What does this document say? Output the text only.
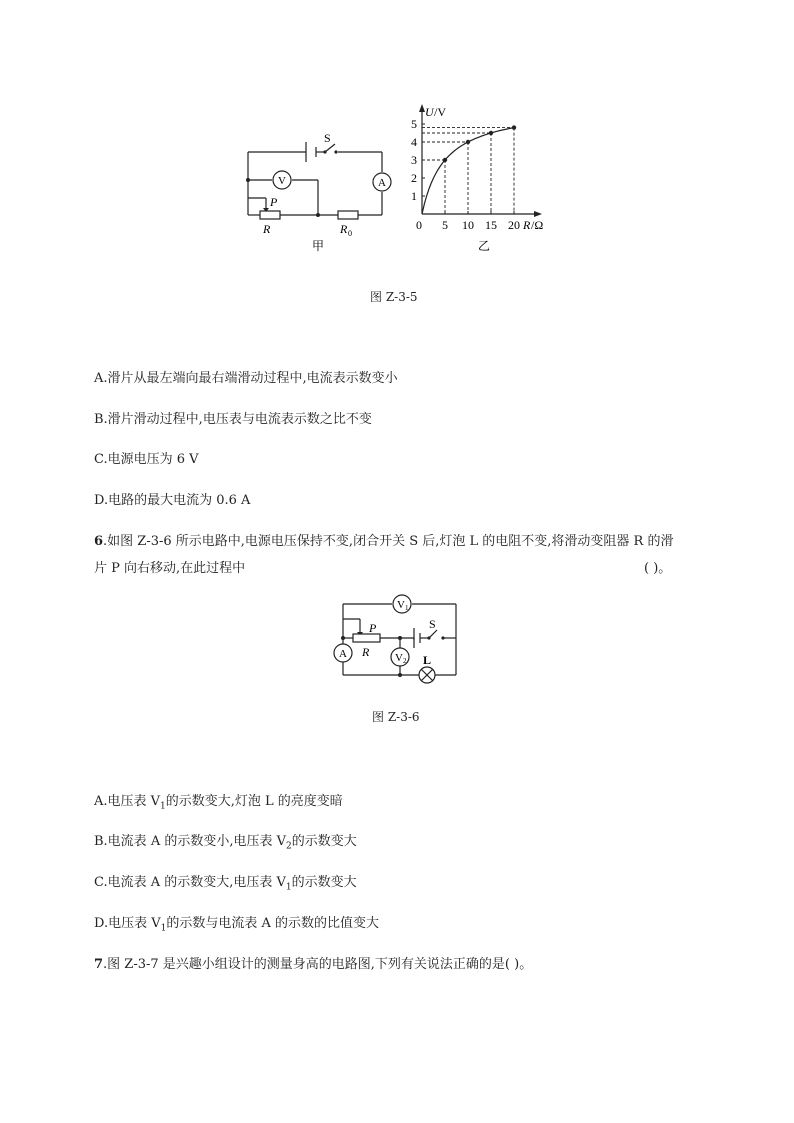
S
V	A
P
R	R 0
甲
1
2
3
4
5
0 5 10 15 20
U /V
R /Ω
乙
图 Z-3-5
A.滑片从最左端向最右端滑动过程中,电流表示数变小
B.滑片滑动过程中,电压表与电流表示数之比不变
C.电源电压为 6 V
D.电路的最大电流为 0.6 A
6.如图 Z-3-6 所示电路中,电源电压保持不变,闭合开关 S 后,灯泡 L 的电阻不变,将滑动变阻器 R 的滑
片 P 向右移动,在此过程中	( )。
V 1
A	V 2
P
R
S
L
图 Z-3-6
A.电压表 $V_1$的示数变大,灯泡 L 的亮度变暗
B.电流表 A 的示数变小,电压表 $V_2$的示数变大
C.电流表 A 的示数变大,电压表 $V_1$的示数变大
D.电压表 $V_1$的示数与电流表 A 的示数的比值变大
7.图 Z-3-7 是兴趣小组设计的测量身高的电路图,下列有关说法正确的是( )。
